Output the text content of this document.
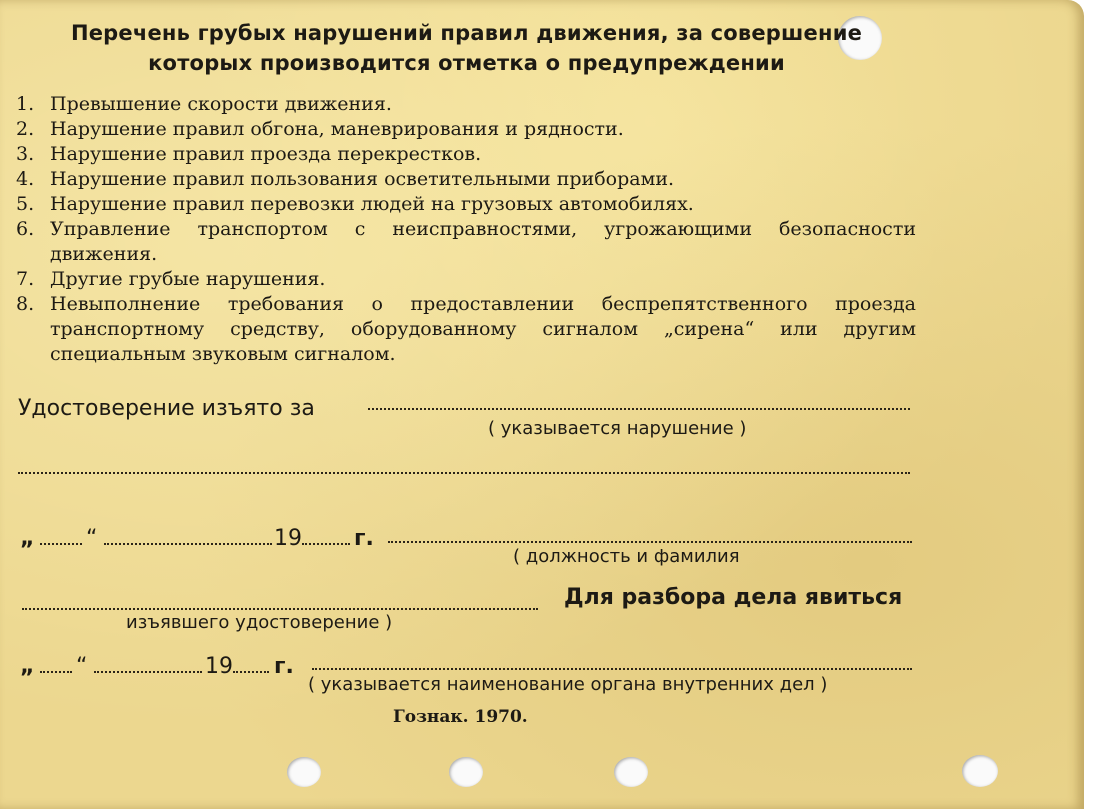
Перечень грубых нарушений правил движения, за совершение
которых производится отметка о предупреждении
1. Превышение скорости движения.
2. Нарушение правил обгона, маневрирования и рядности.
3. Нарушение правил проезда перекрестков.
4. Нарушение правил пользования осветительными приборами.
5. Нарушение правил перевозки людей на грузовых автомобилях.
6. Управление транспортом с неисправностями, угрожающими безопасности движения.
7. Другие грубые нарушения.
8. Невыполнение требования о предоставлении беспрепятственного проезда транспортному средству, оборудованному сигналом „сирена“ или другим специальным звуковым сигналом.
Удостоверение изъято за
( указывается нарушение )
„ “	19 г.
( должность и фамилия
Для разбора дела явиться
изъявшего удостоверение )
„ “	19 г.
( указывается наименование органа внутренних дел )
Гознак. 1970.
